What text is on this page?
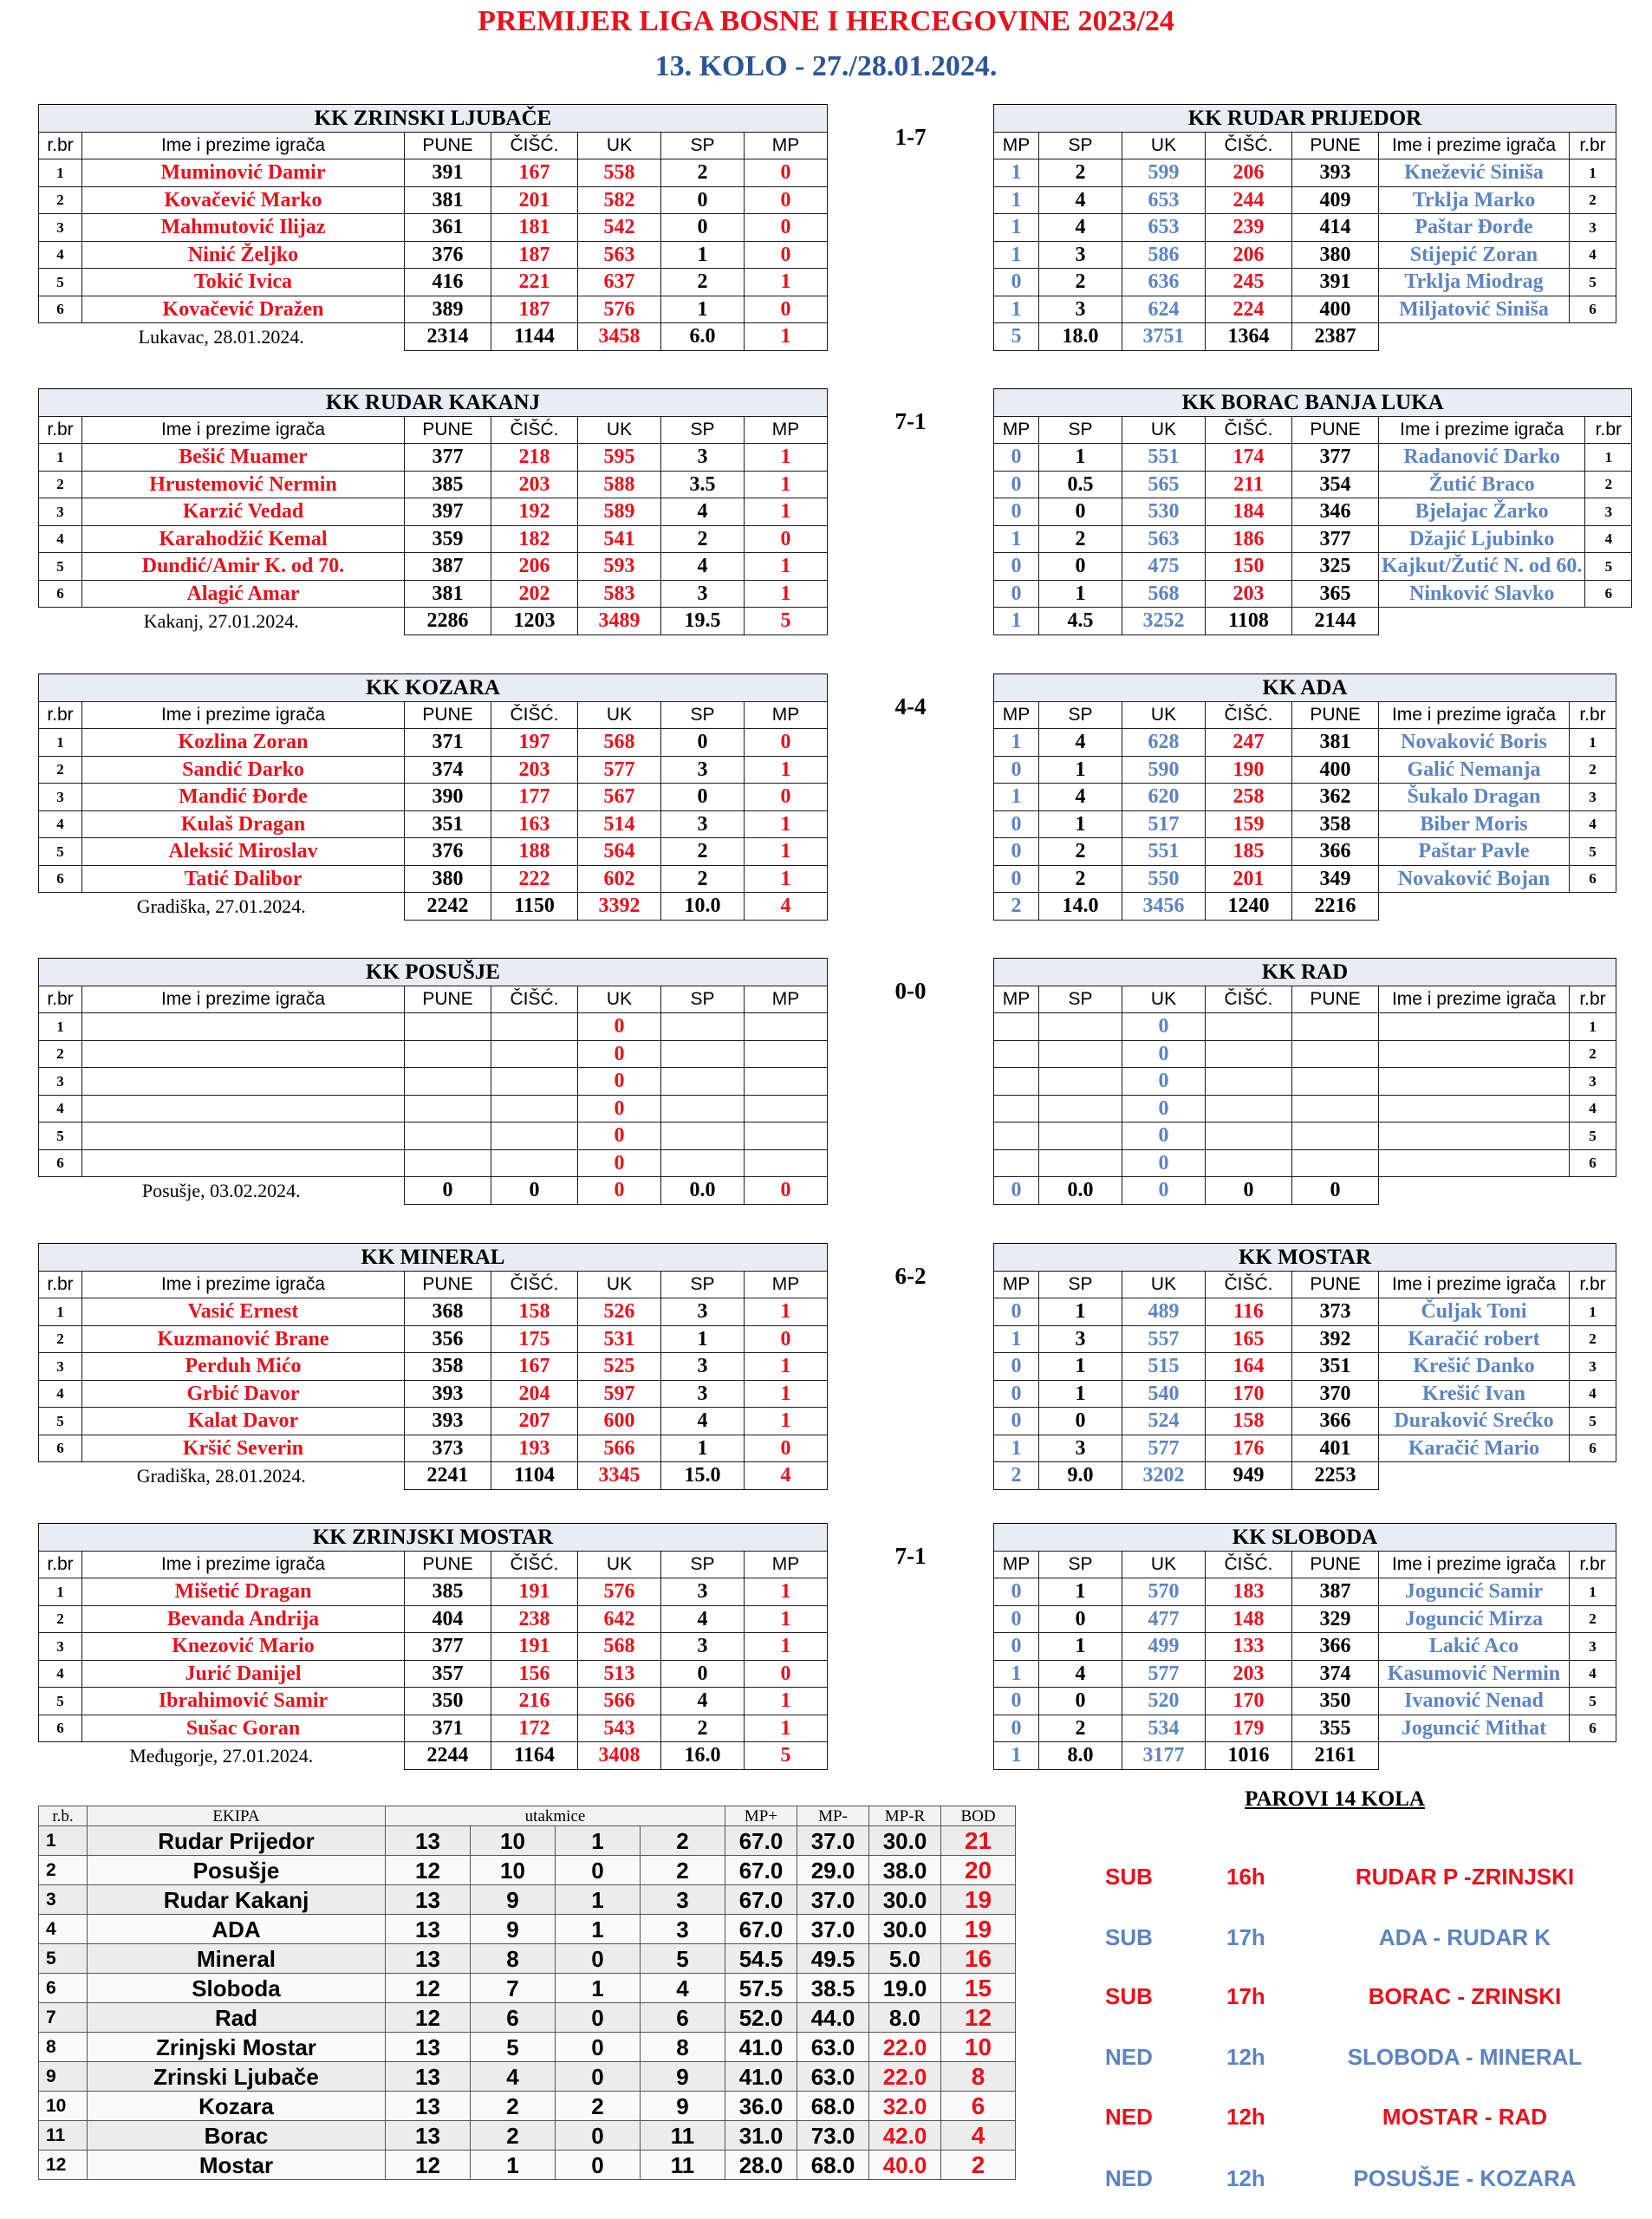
PREMIJER LIGA BOSNE I HERCEGOVINE 2023/24
13. KOLO - 27./28.01.2024.
KK ZRINSKI LJUBAČE							1-7		KK RUDAR PRIJEDOR						
r.br	Ime i prezime igrača	PUNE	ČIŠĆ.	UK	SP	MP			MP	SP	UK	ČIŠĆ.	PUNE	Ime i prezime igrača	r.br
1	Muminović Damir	391	167	558	2	0			1	2	599	206	393	Knežević Siniša	1
2	Kovačević Marko	381	201	582	0	0			1	4	653	244	409	Trklja Marko	2
3	Mahmutović Ilijaz	361	181	542	0	0			1	4	653	239	414	Paštar Đorđe	3
4	Ninić Željko	376	187	563	1	0			1	3	586	206	380	Stijepić Zoran	4
5	Tokić Ivica	416	221	637	2	1			0	2	636	245	391	Trklja Miodrag	5
6	Kovačević Dražen	389	187	576	1	0			1	3	624	224	400	Miljatović Siniša	6
Lukavac, 28.01.2024.		2314	1144	3458	6.0	1			5	18.0	3751	1364	2387		
KK RUDAR KAKANJ							7-1		KK BORAC BANJA LUKA						
r.br	Ime i prezime igrača	PUNE	ČIŠĆ.	UK	SP	MP			MP	SP	UK	ČIŠĆ.	PUNE	Ime i prezime igrača	r.br
1	Bešić Muamer	377	218	595	3	1			0	1	551	174	377	Radanović Darko	1
2	Hrustemović Nermin	385	203	588	3.5	1			0	0.5	565	211	354	Žutić Braco	2
3	Karzić Vedad	397	192	589	4	1			0	0	530	184	346	Bjelajac Žarko	3
4	Karahodžić Kemal	359	182	541	2	0			1	2	563	186	377	Džajić Ljubinko	4
5	Dundić/Amir K. od 70.	387	206	593	4	1			0	0	475	150	325	Kajkut/Žutić N. od 60.	5
6	Alagić Amar	381	202	583	3	1			0	1	568	203	365	Ninković Slavko	6
Kakanj, 27.01.2024.		2286	1203	3489	19.5	5			1	4.5	3252	1108	2144		
KK KOZARA							4-4		KK ADA						
r.br	Ime i prezime igrača	PUNE	ČIŠĆ.	UK	SP	MP			MP	SP	UK	ČIŠĆ.	PUNE	Ime i prezime igrača	r.br
1	Kozlina Zoran	371	197	568	0	0			1	4	628	247	381	Novaković Boris	1
2	Sandić Darko	374	203	577	3	1			0	1	590	190	400	Galić Nemanja	2
3	Mandić Đorđe	390	177	567	0	0			1	4	620	258	362	Šukalo Dragan	3
4	Kulaš Dragan	351	163	514	3	1			0	1	517	159	358	Biber Moris	4
5	Aleksić Miroslav	376	188	564	2	1			0	2	551	185	366	Paštar Pavle	5
6	Tatić Dalibor	380	222	602	2	1			0	2	550	201	349	Novaković Bojan	6
Gradiška, 27.01.2024.		2242	1150	3392	10.0	4			2	14.0	3456	1240	2216		
KK POSUŠJE							0-0		KK RAD						
r.br	Ime i prezime igrača	PUNE	ČIŠĆ.	UK	SP	MP			MP	SP	UK	ČIŠĆ.	PUNE	Ime i prezime igrača	r.br
1				0							0				1
2				0							0				2
3				0							0				3
4				0							0				4
5				0							0				5
6				0							0				6
Posušje, 03.02.2024.		0	0	0	0.0	0			0	0.0	0	0	0		
KK MINERAL							6-2		KK MOSTAR						
r.br	Ime i prezime igrača	PUNE	ČIŠĆ.	UK	SP	MP			MP	SP	UK	ČIŠĆ.	PUNE	Ime i prezime igrača	r.br
1	Vasić Ernest	368	158	526	3	1			0	1	489	116	373	Čuljak Toni	1
2	Kuzmanović Brane	356	175	531	1	0			1	3	557	165	392	Karačić robert	2
3	Perduh Mićo	358	167	525	3	1			0	1	515	164	351	Krešić Danko	3
4	Grbić Davor	393	204	597	3	1			0	1	540	170	370	Krešić Ivan	4
5	Kalat Davor	393	207	600	4	1			0	0	524	158	366	Duraković Srećko	5
6	Kršić Severin	373	193	566	1	0			1	3	577	176	401	Karačić Mario	6
Gradiška, 28.01.2024.		2241	1104	3345	15.0	4			2	9.0	3202	949	2253		
KK ZRINJSKI MOSTAR							7-1		KK SLOBODA						
r.br	Ime i prezime igrača	PUNE	ČIŠĆ.	UK	SP	MP			MP	SP	UK	ČIŠĆ.	PUNE	Ime i prezime igrača	r.br
1	Mišetić Dragan	385	191	576	3	1			0	1	570	183	387	Joguncić Samir	1
2	Bevanda Andrija	404	238	642	4	1			0	0	477	148	329	Joguncić Mirza	2
3	Knezović Mario	377	191	568	3	1			0	1	499	133	366	Lakić Aco	3
4	Jurić Danijel	357	156	513	0	0			1	4	577	203	374	Kasumović Nermin	4
5	Ibrahimović Samir	350	216	566	4	1			0	0	520	170	350	Ivanović Nenad	5
6	Sušac Goran	371	172	543	2	1			0	2	534	179	355	Joguncić Mithat	6
Međugorje, 27.01.2024.		2244	1164	3408	16.0	5			1	8.0	3177	1016	2161		
r.b.	EKIPA	utakmice				MP+	MP-	MP-R	BOD
1	Rudar Prijedor	13	10	1	2	67.0	37.0	30.0	21
2	Posušje	12	10	0	2	67.0	29.0	38.0	20
3	Rudar Kakanj	13	9	1	3	67.0	37.0	30.0	19
4	ADA	13	9	1	3	67.0	37.0	30.0	19
5	Mineral	13	8	0	5	54.5	49.5	5.0	16
6	Sloboda	12	7	1	4	57.5	38.5	19.0	15
7	Rad	12	6	0	6	52.0	44.0	8.0	12
8	Zrinjski Mostar	13	5	0	8	41.0	63.0	22.0	10
9	Zrinski Ljubače	13	4	0	9	41.0	63.0	22.0	8
10	Kozara	13	2	2	9	36.0	68.0	32.0	6
11	Borac	13	2	0	11	31.0	73.0	42.0	4
12	Mostar	12	1	0	11	28.0	68.0	40.0	2
PAROVI 14 KOLA
SUB	16h	RUDAR P -ZRINJSKI
SUB	17h	ADA - RUDAR K
SUB	17h	BORAC - ZRINSKI
NED	12h	SLOBODA - MINERAL
NED	12h	MOSTAR - RAD
NED	12h	POSUŠJE - KOZARA
